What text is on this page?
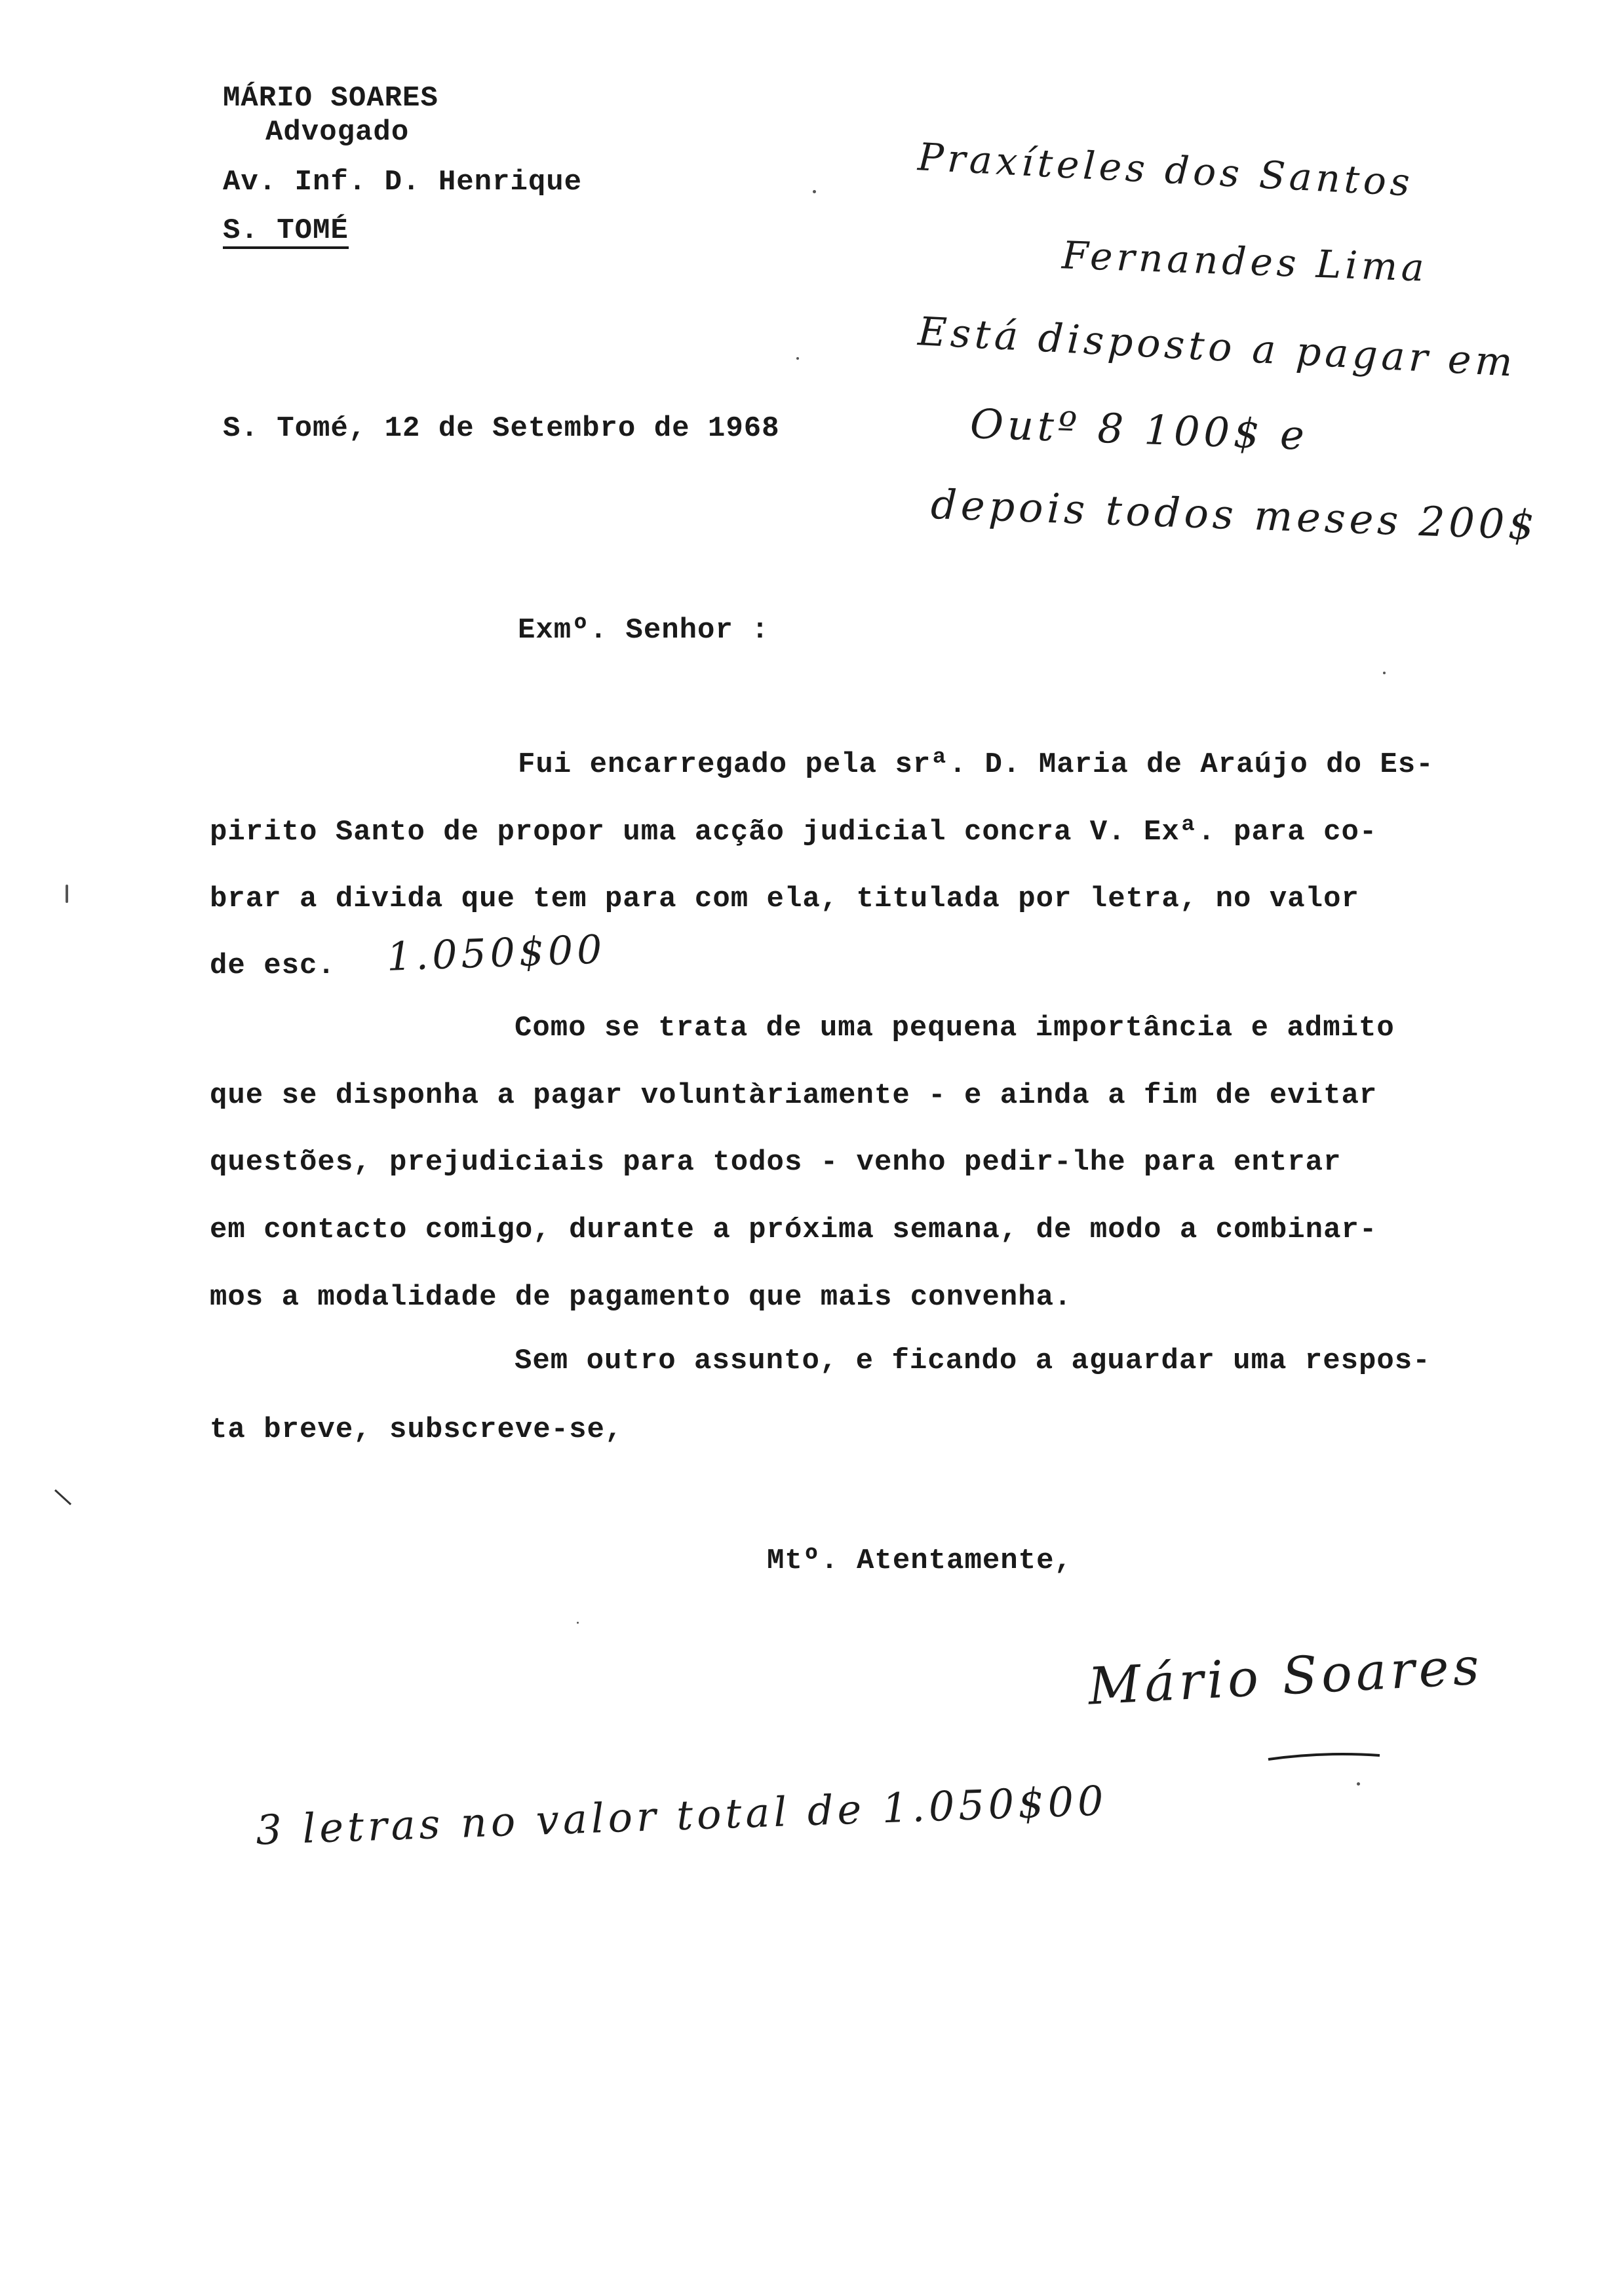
MÁRIO SOARES
Advogado
Av. Inf. D. Henrique
S. TOMÉ
Praxíteles dos Santos
Fernandes Lima
Está disposto a pagar em
Outº 8 100$ e
depois todos meses 200$
S. Tomé, 12 de Setembro de 1968
Exmº. Senhor :
Fui encarregado pela srª. D. Maria de Araújo do Es-
pirito Santo de propor uma acção judicial concra V. Exª. para co-
brar a divida que tem para com ela, titulada por letra, no valor
de esc. 1.050$00
Como se trata de uma pequena importância e admito
que se disponha a pagar voluntàriamente - e ainda a fim de evitar
questões, prejudiciais para todos - venho pedir-lhe para entrar
em contacto comigo, durante a próxima semana, de modo a combinar-
mos a modalidade de pagamento que mais convenha.
Sem outro assunto, e ficando a aguardar uma respos-
ta breve, subscreve-se,
Mtº. Atentamente,
Mário Soares
3 letras no valor total de 1.050$00
